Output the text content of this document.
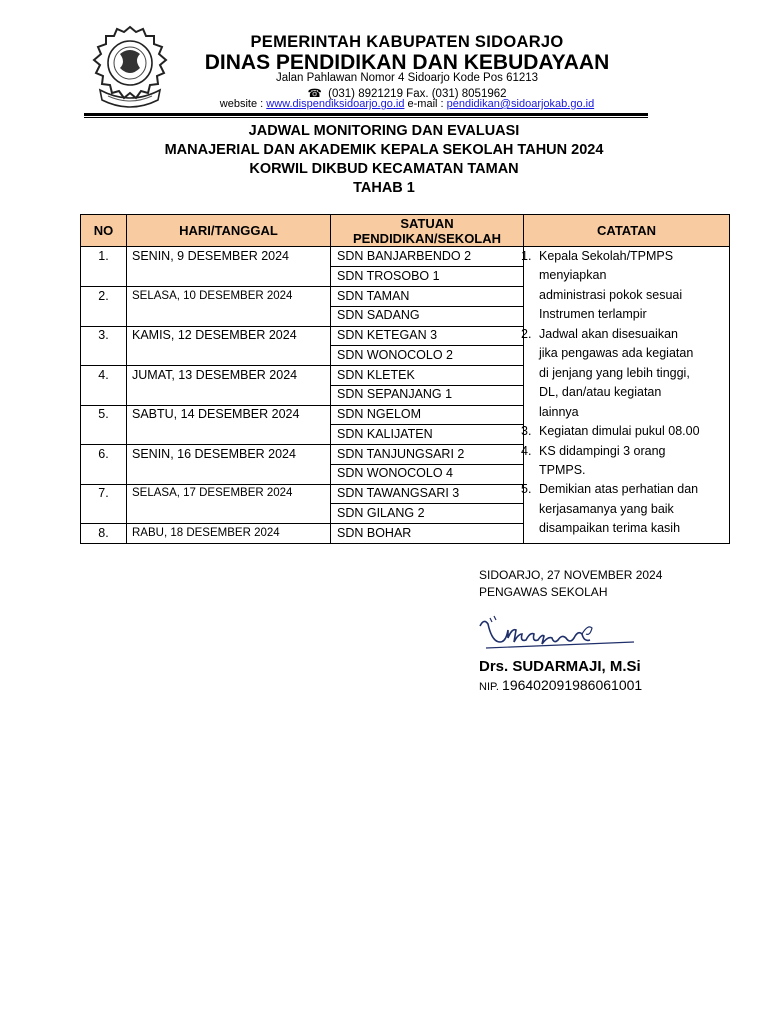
PEMERINTAH KABUPATEN SIDOARJO
DINAS PENDIDIKAN DAN KEBUDAYAAN
Jalan Pahlawan Nomor 4 Sidoarjo Kode Pos 61213
☎ (031) 8921219 Fax. (031) 8051962
website : www.dispendiksidoarjo.go.id e-mail : pendidikan@sidoarjokab.go.id
JADWAL MONITORING DAN EVALUASI
MANAJERIAL DAN AKADEMIK KEPALA SEKOLAH TAHUN 2024
KORWIL DIKBUD KECAMATAN TAMAN
TAHAB 1
NO	HARI/TANGGAL	SATUAN
PENDIDIKAN/SEKOLAH	CATATAN
1.	SENIN, 9 DESEMBER 2024	SDN BANJARBENDO 2
SDN TROSOBO 1
2.	SELASA, 10 DESEMBER 2024	SDN TAMAN
SDN SADANG
3.	KAMIS, 12 DESEMBER 2024	SDN KETEGAN 3
SDN WONOCOLO 2
4.	JUMAT, 13 DESEMBER 2024	SDN KLETEK
SDN SEPANJANG 1
5.	SABTU, 14 DESEMBER 2024	SDN NGELOM
SDN KALIJATEN
6.	SENIN, 16 DESEMBER 2024	SDN TANJUNGSARI 2
SDN WONOCOLO 4
7.	SELASA, 17 DESEMBER 2024	SDN TAWANGSARI 3
SDN GILANG 2
8.	RABU, 18 DESEMBER 2024	SDN BOHAR
1. Kepala Sekolah/TPMPS
menyiapkan
administrasi pokok sesuai
Instrumen terlampir
2. Jadwal akan disesuaikan
jika pengawas ada kegiatan
di jenjang yang lebih tinggi,
DL, dan/atau kegiatan
lainnya
3. Kegiatan dimulai pukul 08.00
4. KS didampingi 3 orang
TPMPS.
5. Demikian atas perhatian dan
kerjasamanya yang baik
disampaikan terima kasih
SIDOARJO, 27 NOVEMBER 2024
PENGAWAS SEKOLAH
Drs. SUDARMAJI, M.Si
NIP. 196402091986061001
